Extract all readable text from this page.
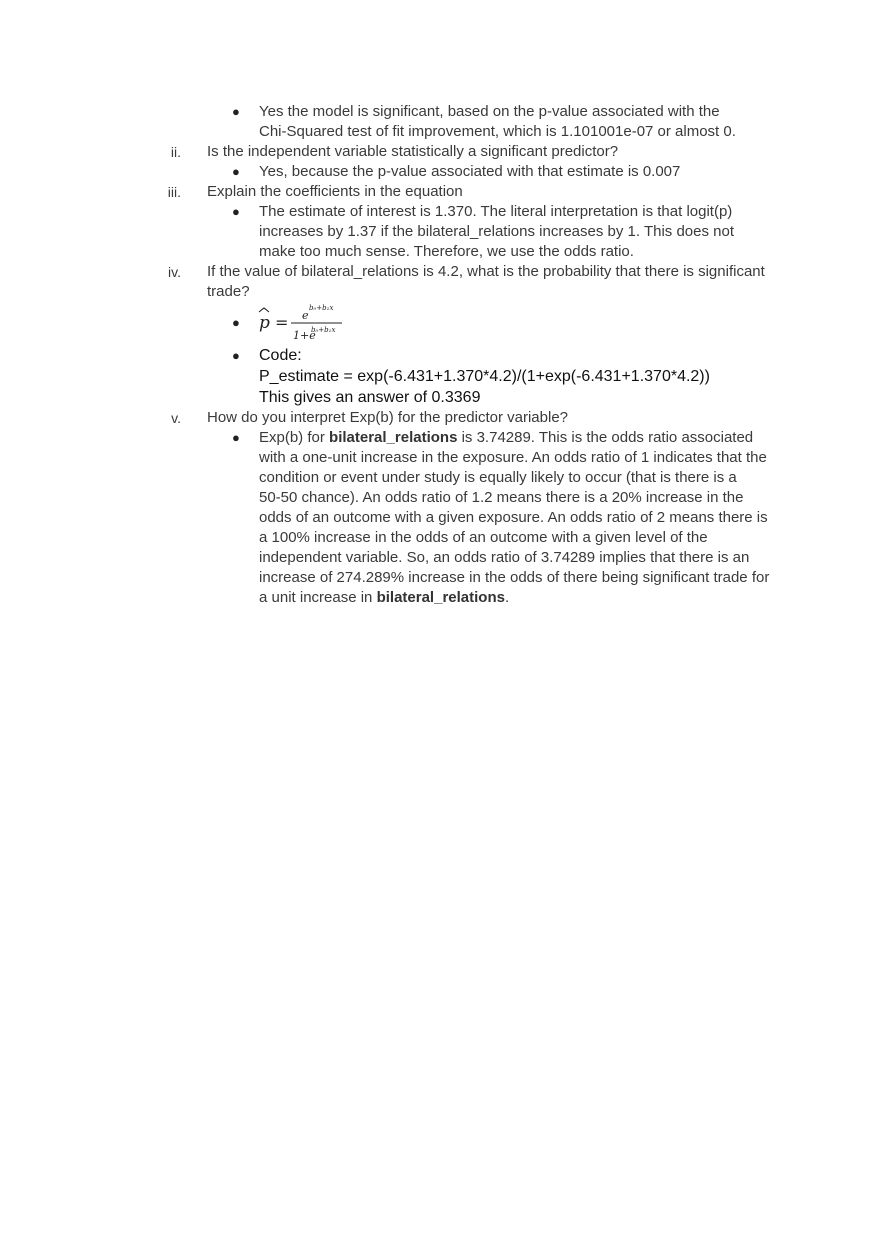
● Yes the model is significant, based on the p-value associated with the
Chi-Squared test of fit improvement, which is 1.101001e-07 or almost 0.
ii. Is the independent variable statistically a significant predictor?
● Yes, because the p-value associated with that estimate is 0.007
iii. Explain the coefficients in the equation
● The estimate of interest is 1.370. The literal interpretation is that logit(p)
increases by 1.37 if the bilateral_relations increases by 1. This does not
make too much sense. Therefore, we use the odds ratio.
iv. If the value of bilateral_relations is 4.2, what is the probability that there is significant
trade?
● p = e
b₀+b₁x
1+e
b₀+b₁x
● Code:
P_estimate = exp(-6.431+1.370*4.2)/(1+exp(-6.431+1.370*4.2))
This gives an answer of 0.3369
v. How do you interpret Exp(b) for the predictor variable?
● Exp(b) for bilateral_relations is 3.74289. This is the odds ratio associated
with a one-unit increase in the exposure. An odds ratio of 1 indicates that the
condition or event under study is equally likely to occur (that is there is a
50-50 chance). An odds ratio of 1.2 means there is a 20% increase in the
odds of an outcome with a given exposure. An odds ratio of 2 means there is
a 100% increase in the odds of an outcome with a given level of the
independent variable. So, an odds ratio of 3.74289 implies that there is an
increase of 274.289% increase in the odds of there being significant trade for
a unit increase in bilateral_relations.
